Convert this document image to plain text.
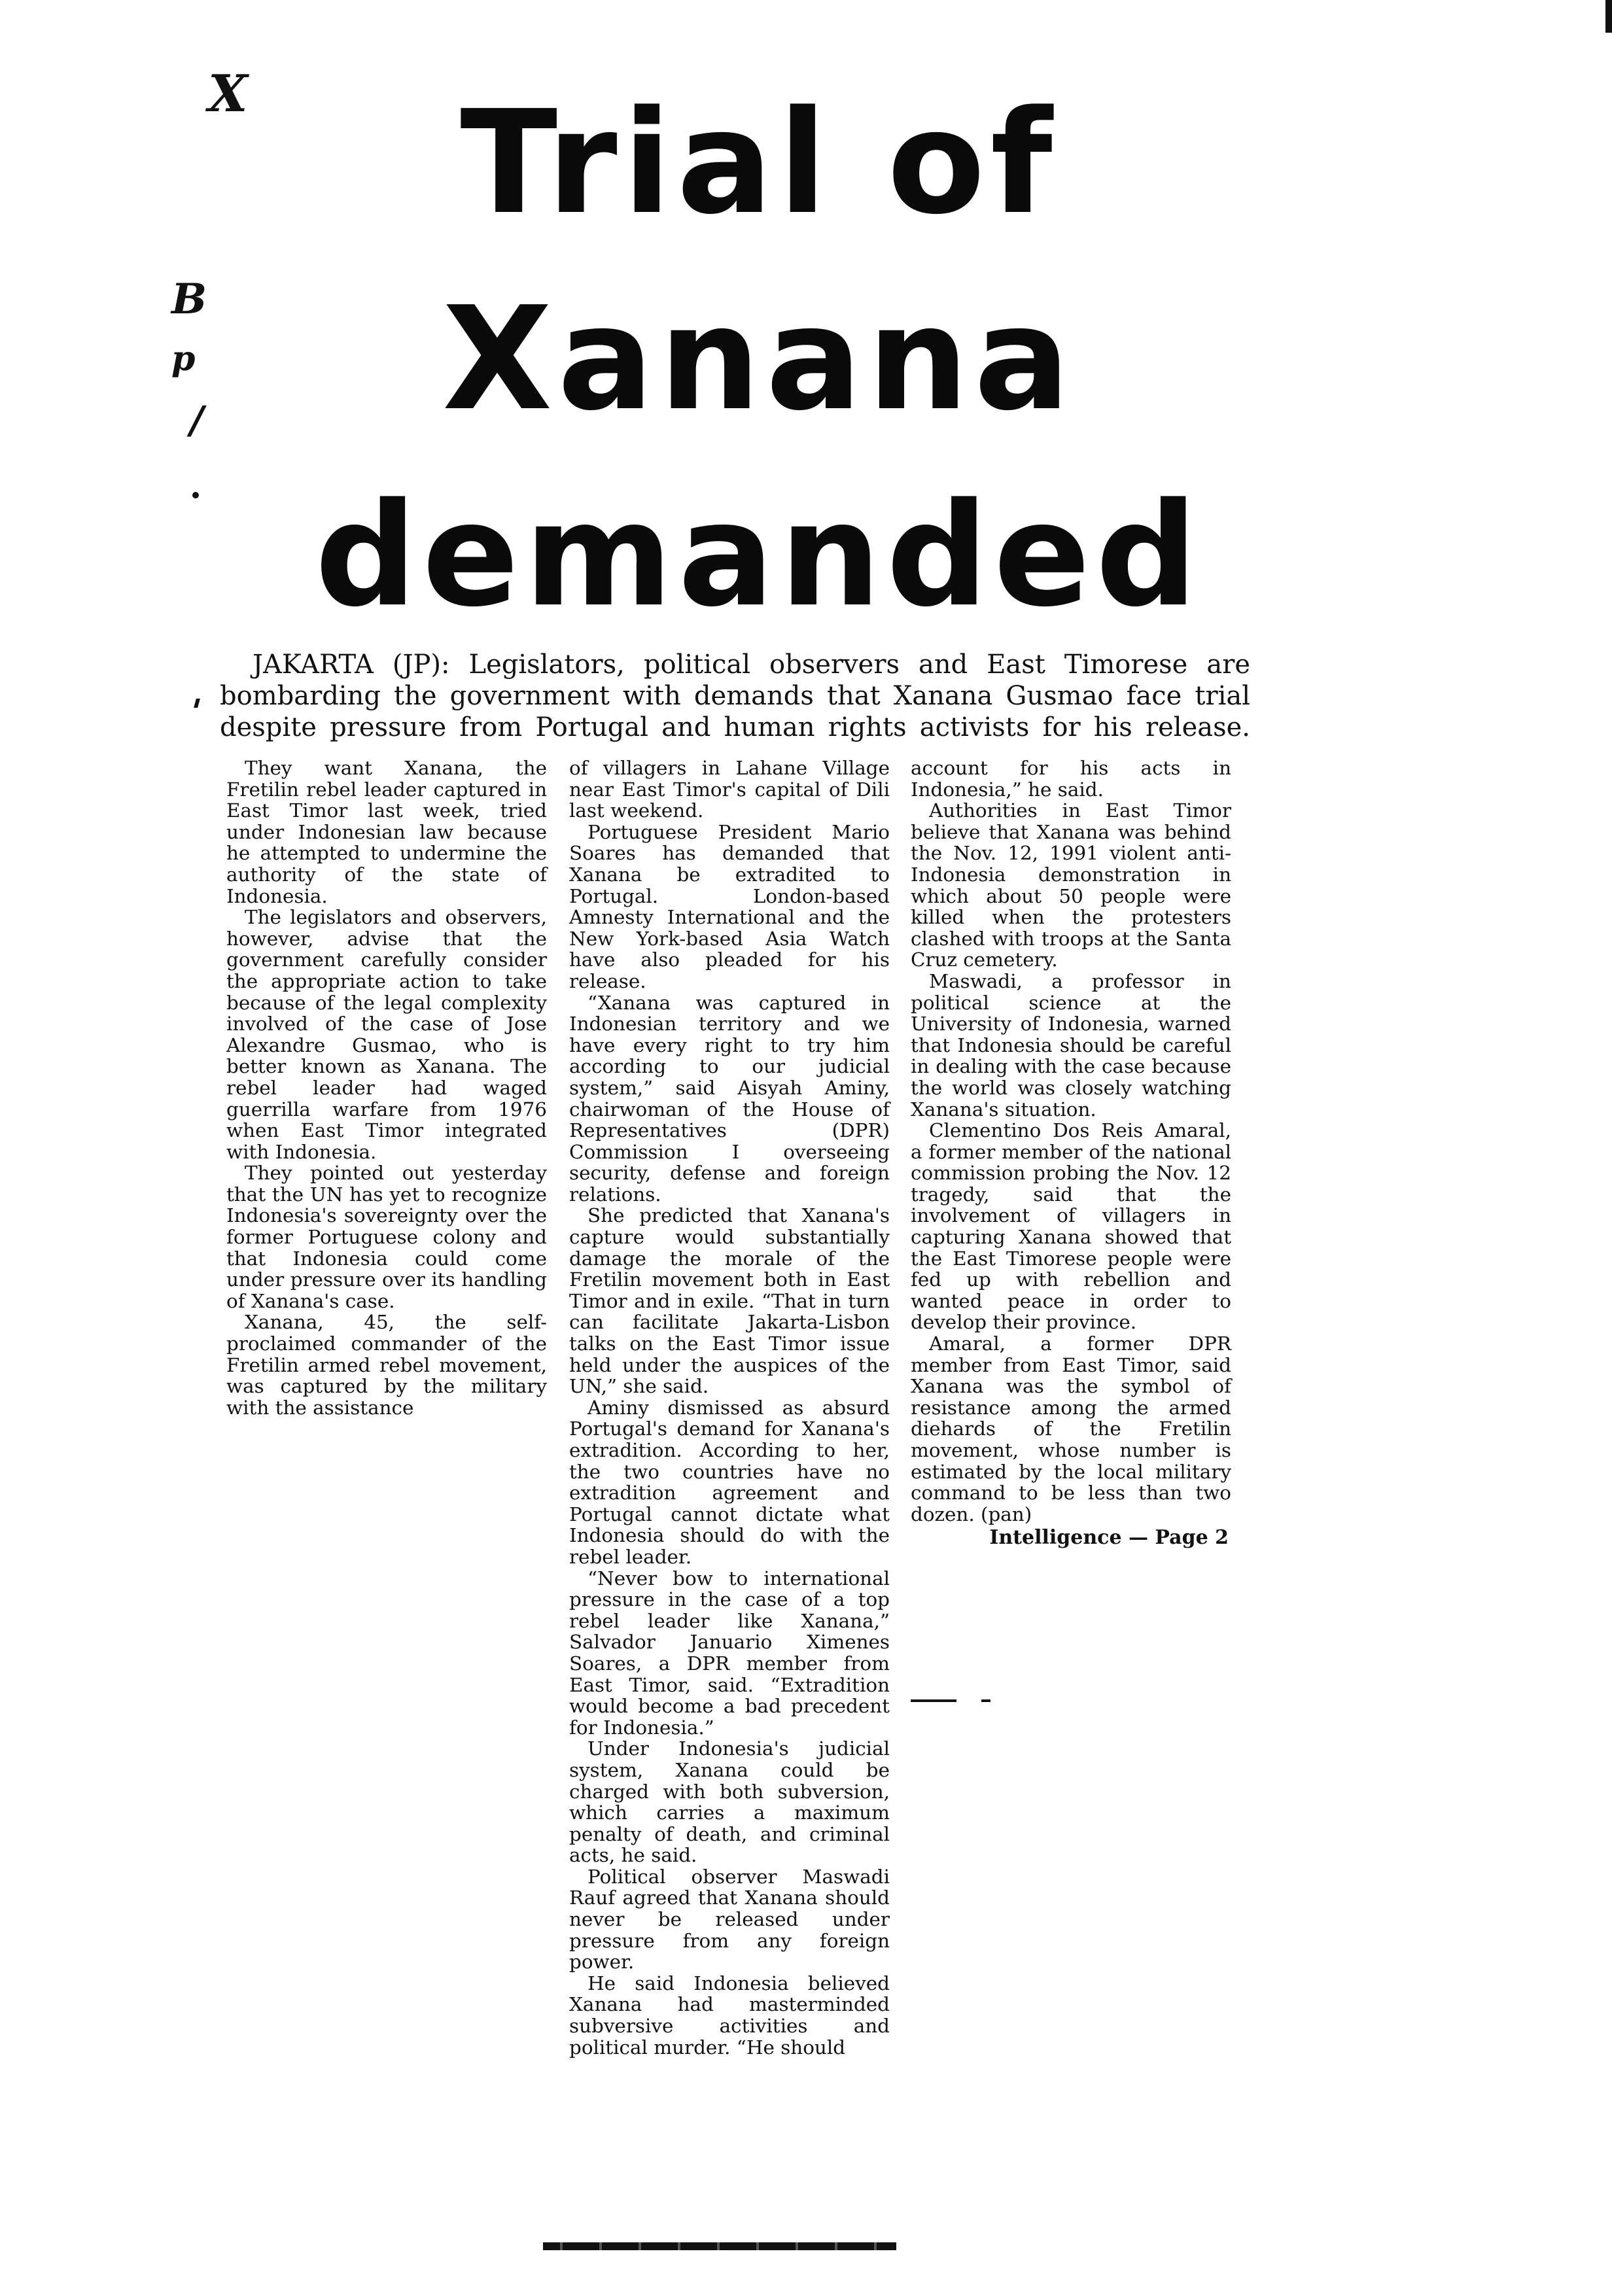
X
B
p
/
Trial of
Xanana
demanded
JAKARTA (JP): Legislators, political observers and East Timorese are
bombarding the government with demands that Xanana Gusmao face trial
despite pressure from Portugal and human rights activists for his release.

They want Xanana, the Fretilin rebel leader captured in East Timor last week, tried under Indonesian law because he attempted to undermine the authority of the state of Indonesia.

The legislators and observers, however, advise that the government carefully consider the appropriate action to take because of the legal complexity involved of the case of Jose Alexandre Gusmao, who is better known as Xanana. The rebel leader had waged guerrilla warfare from 1976 when East Timor integrated with Indonesia.

They pointed out yesterday that the UN has yet to recognize Indonesia's sovereignty over the former Portuguese colony and that Indonesia could come under pressure over its handling of Xanana's case.

Xanana, 45, the self-proclaimed commander of the Fretilin armed rebel movement, was captured by the military with the assistance

of villagers in Lahane Village near East Timor's capital of Dili last weekend.

Portuguese President Mario Soares has demanded that Xanana be extradited to Portugal. London-based Amnesty International and the New York-based Asia Watch have also pleaded for his release.

“Xanana was captured in Indonesian territory and we have every right to try him according to our judicial system,” said Aisyah Aminy, chairwoman of the House of Representatives (DPR) Commission I overseeing security, defense and foreign relations.

She predicted that Xanana's capture would substantially damage the morale of the Fretilin movement both in East Timor and in exile. “That in turn can facilitate Jakarta-Lisbon talks on the East Timor issue held under the auspices of the UN,” she said.

Aminy dismissed as absurd Portugal's demand for Xanana's extradition. According to her, the two countries have no extradition agreement and Portugal cannot dictate what Indonesia should do with the rebel leader.

“Never bow to international pressure in the case of a top rebel leader like Xanana,” Salvador Januario Ximenes Soares, a DPR member from East Timor, said. “Extradition would become a bad precedent for Indonesia.”

Under Indonesia's judicial system, Xanana could be charged with both subversion, which carries a maximum penalty of death, and criminal acts, he said.

Political observer Maswadi Rauf agreed that Xanana should never be released under pressure from any foreign power.

He said Indonesia believed Xanana had masterminded subversive activities and political murder. “He should

account for his acts in Indonesia,” he said.

Authorities in East Timor believe that Xanana was behind the Nov. 12, 1991 violent anti-Indonesia demonstration in which about 50 people were killed when the protesters clashed with troops at the Santa Cruz cemetery.

Maswadi, a professor in political science at the University of Indonesia, warned that Indonesia should be careful in dealing with the case because the world was closely watching Xanana's situation.

Clementino Dos Reis Amaral, a former member of the national commission probing the Nov. 12 tragedy, said that the involvement of villagers in capturing Xanana showed that the East Timorese people were fed up with rebellion and wanted peace in order to develop their province.

Amaral, a former DPR member from East Timor, said Xanana was the symbol of resistance among the armed diehards of the Fretilin movement, whose number is estimated by the local military command to be less than two dozen. (pan)

Intelligence — Page 2
